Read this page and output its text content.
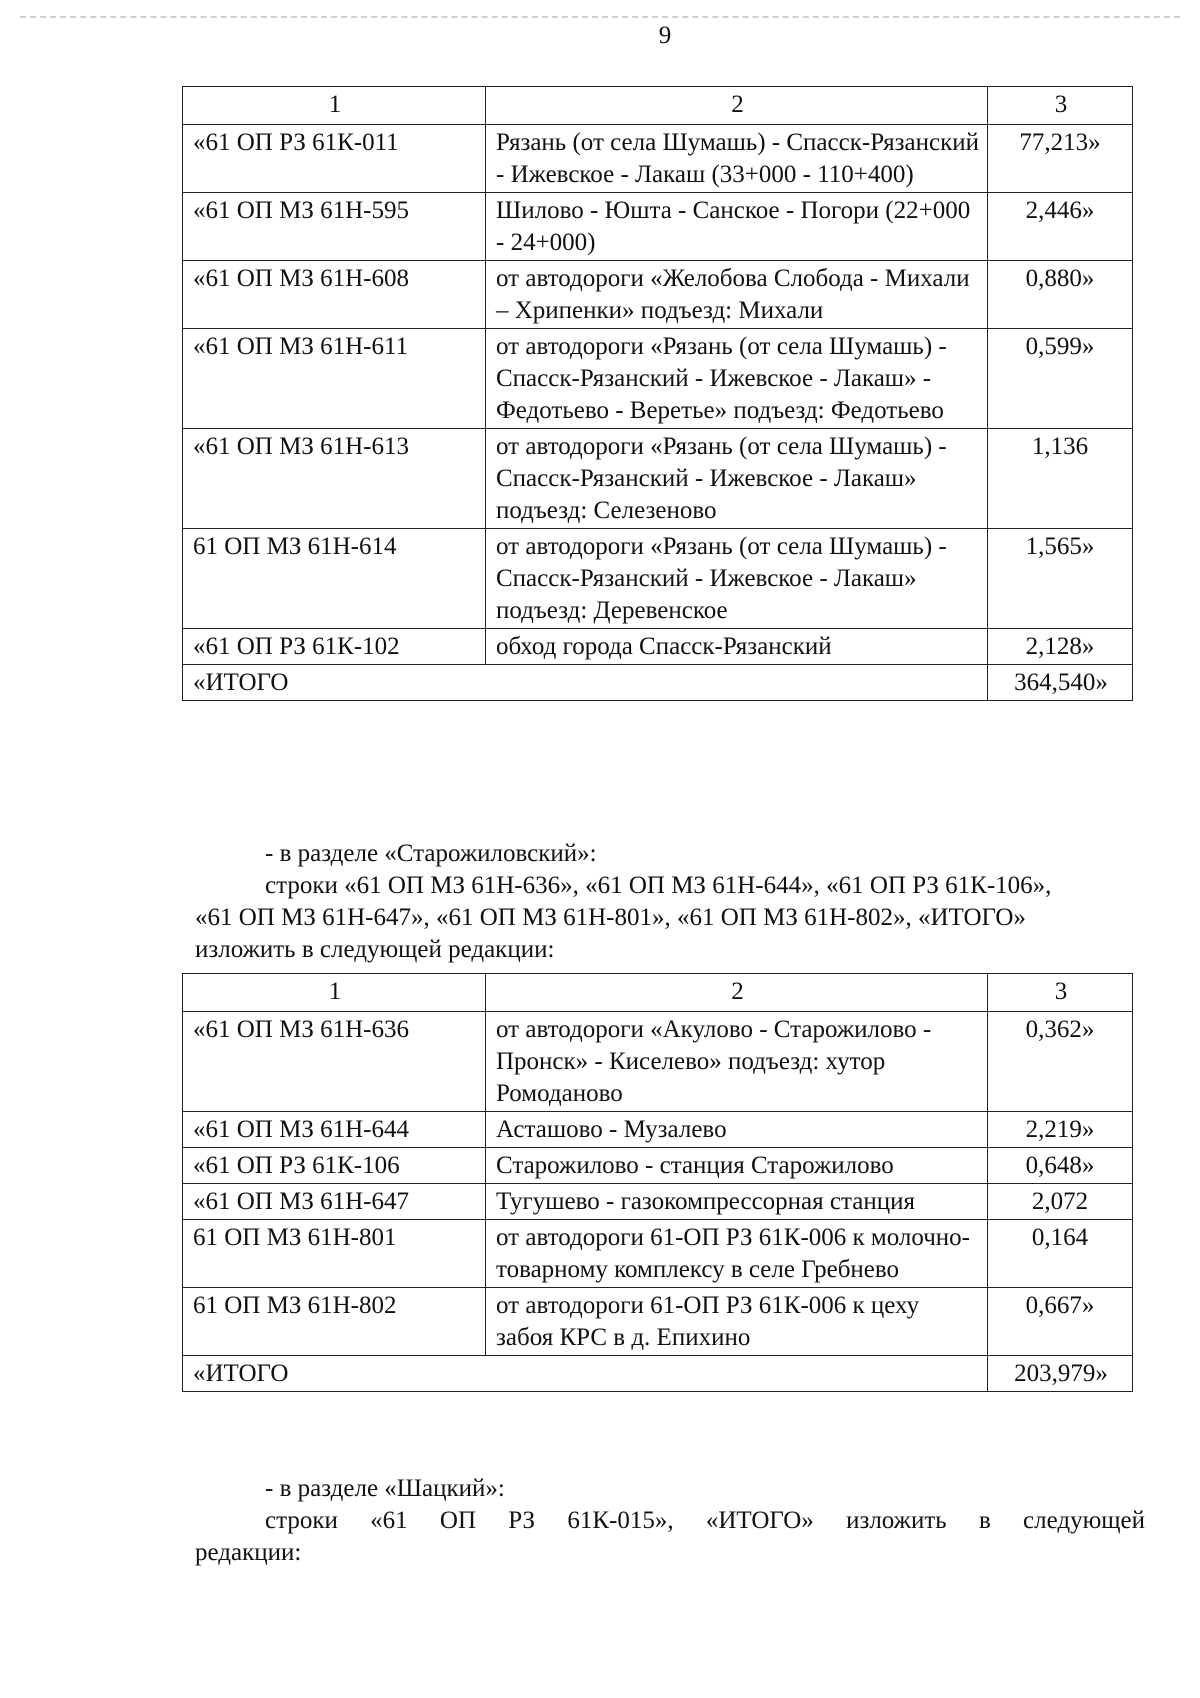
9
1	2	3
«61 ОП РЗ 61К-011	Рязань (от села Шумашь) - Спасск-Рязанский - Ижевское - Лакаш (33+000 - 110+400)	77,213»
«61 ОП МЗ 61Н-595	Шилово - Юшта - Санское - Погори (22+000 - 24+000)	2,446»
«61 ОП МЗ 61Н-608	от автодороги «Желобова Слобода - Михали – Хрипенки» подъезд: Михали	0,880»
«61 ОП МЗ 61Н-611	от автодороги «Рязань (от села Шумашь) - Спасск-Рязанский - Ижевское - Лакаш» - Федотьево - Веретье» подъезд: Федотьево	0,599»
«61 ОП МЗ 61Н-613	от автодороги «Рязань (от села Шумашь) - Спасск-Рязанский - Ижевское - Лакаш» подъезд: Селезеново	1,136
61 ОП МЗ 61Н-614	от автодороги «Рязань (от села Шумашь) - Спасск-Рязанский - Ижевское - Лакаш» подъезд: Деревенское	1,565»
«61 ОП РЗ 61К-102	обход города Спасск-Рязанский	2,128»
«ИТОГО		364,540»
- в разделе «Старожиловский»:
строки «61 ОП МЗ 61Н-636», «61 ОП МЗ 61Н-644», «61 ОП РЗ 61К-106»,
«61 ОП МЗ 61Н-647», «61 ОП МЗ 61Н-801», «61 ОП МЗ 61Н-802», «ИТОГО»
изложить в следующей редакции:
1	2	3
«61 ОП МЗ 61Н-636	от автодороги «Акулово - Старожилово - Пронск» - Киселево» подъезд: хутор Ромоданово	0,362»
«61 ОП МЗ 61Н-644	Асташово - Музалево	2,219»
«61 ОП РЗ 61К-106	Старожилово - станция Старожилово	0,648»
«61 ОП МЗ 61Н-647	Тугушево - газокомпрессорная станция	2,072
61 ОП МЗ 61Н-801	от автодороги 61-ОП РЗ 61К-006 к молочно-товарному комплексу в селе Гребнево	0,164
61 ОП МЗ 61Н-802	от автодороги 61-ОП РЗ 61К-006 к цеху забоя КРС в д. Епихино	0,667»
«ИТОГО		203,979»
- в разделе «Шацкий»:
строки «61 ОП РЗ 61К-015», «ИТОГО» изложить в следующей
редакции:
